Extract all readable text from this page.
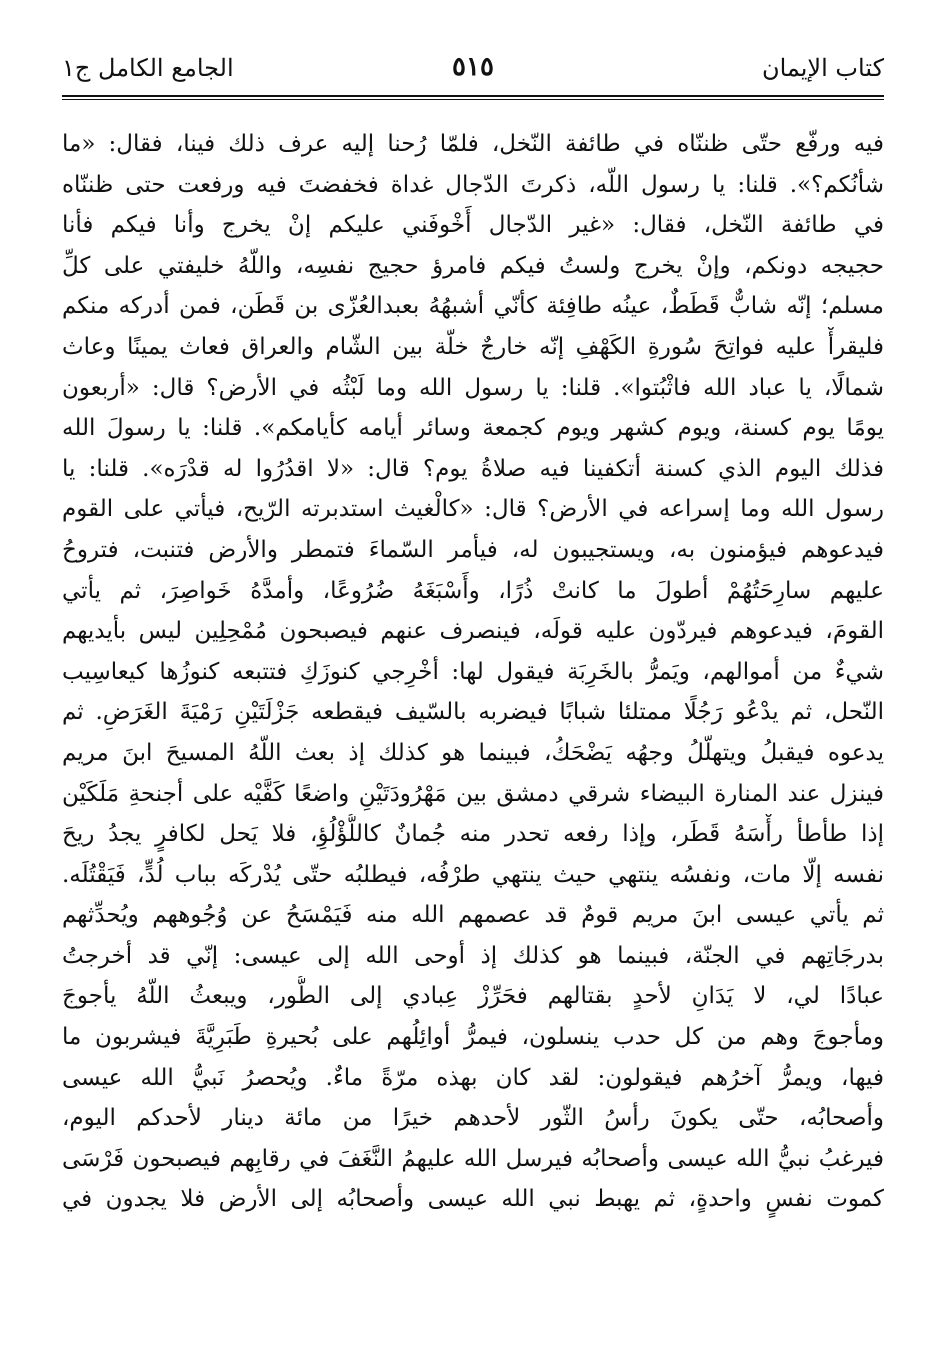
كتاب الإيمان
٥١٥
الجامع الكامل ج١
فيه ورفّع حتّى ظننّاه في طائفة النّخل، فلمّا رُحنا إليه عرف ذلك فينا، فقال: «ما
شأنُكم؟». قلنا: يا رسول اللّه، ذكرتَ الدّجال غداة فخفضتَ فيه ورفعت حتى ظننّاه
في طائفة النّخل، فقال: «غير الدّجال أَخْوفَني عليكم إنْ يخرج وأنا فيكم فأنا
حجيجه دونكم، وإنْ يخرج ولستُ فيكم فامرؤ حجيج نفسِه، واللّهُ خليفتي على كلِّ
مسلم؛ إنّه شابٌّ قَطَطٌ، عينُه طافِئة كأنّي أشبهُهُ بعبدالعُزّى بن قَطَن، فمن أدركه منكم
فليقرأْ عليه فواتِحَ سُورةِ الكَهْفِ إنّه خارجٌ خلّة بين الشّام والعراق فعاث يمينًا وعاث
شمالًا، يا عباد الله فاثْبُتوا». قلنا: يا رسول الله وما لَبْثُه في الأرض؟ قال: «أربعون
يومًا يوم كسنة، ويوم كشهر ويوم كجمعة وسائر أيامه كأيامكم». قلنا: يا رسولَ الله
فذلك اليوم الذي كسنة أتكفينا فيه صلاةُ يوم؟ قال: «لا اقدُرُوا له قدْرَه». قلنا: يا
رسول الله وما إسراعه في الأرض؟ قال: «كالْغيث استدبرته الرّيح، فيأتي على القوم
فيدعوهم فيؤمنون به، ويستجيبون له، فيأمر السّماءَ فتمطر والأرض فتنبت، فتروحُ
عليهم سارِحَتُهُمْ أطولَ ما كانتْ ذُرًا، وأَسْبَغَهُ ضُرُوعًا، وأمدَّهُ خَواصِرَ، ثم يأتي
القومَ، فيدعوهم فيردّون عليه قولَه، فينصرف عنهم فيصبحون مُمْحِلِين ليس بأيديهم
شيءٌ من أموالهم، ويَمرُّ بالخَرِبَة فيقول لها: أخْرِجي كنوزَكِ فتتبعه كنوزُها كيعاسِيب
النّحل، ثم يدْعُو رَجُلًا ممتلئا شبابًا فيضربه بالسّيف فيقطعه جَزْلَتَيْنِ رَمْيَةَ الغَرَضِ. ثم
يدعوه فيقبلُ ويتهلّلُ وجهُه يَضْحَكُ، فبينما هو كذلك إذ بعث اللّهُ المسيحَ ابنَ مريم
فينزل عند المنارة البيضاء شرقي دمشق بين مَهْرُودَتَيْنِ واضعًا كَفَّيْه على أجنحةِ مَلَكَيْن
إذا طأطأ رأْسَهُ قَطَر، وإذا رفعه تحدر منه جُمانٌ كاللُّؤْلُؤِ، فلا يَحل لكافرٍ يجدُ ريحَ
نفسه إلّا مات، ونفسُه ينتهي حيث ينتهي طرْفُه، فيطلبُه حتّى يُدْركَه بباب لُدٍّ، فَيَقْتُلَه.
ثم يأتي عيسى ابنَ مريم قومٌ قد عصمهم الله منه فَيَمْسَحُ عن وُجُوههم ويُحدِّثهم
بدرجَاتِهم في الجنّة، فبينما هو كذلك إذ أوحى الله إلى عيسى: إنّي قد أخرجتُ
عبادًا لي، لا يَدَانِ لأحدٍ بقتالهم فحَرِّزْ عِبادي إلى الطُّور، ويبعثُ اللّهُ يأجوجَ
ومأجوجَ وهم من كل حدب ينسلون، فيمرُّ أوائِلُهم على بُحيرةِ طَبَرِيَّةَ فيشربون ما
فيها، ويمرُّ آخرُهم فيقولون: لقد كان بهذه مرّةً ماءٌ. ويُحصرُ نَبيُّ الله عيسى
وأصحابُه، حتّى يكونَ رأسُ الثّور لأحدهم خيرًا من مائة دينار لأحدكم اليوم،
فيرغبُ نبيُّ الله عيسى وأصحابُه فيرسل الله عليهمُ النَّغَفَ في رقابِهم فيصبحون فَرْسَى
كموت نفسٍ واحدةٍ، ثم يهبط نبي الله عيسى وأصحابُه إلى الأرض فلا يجدون في
